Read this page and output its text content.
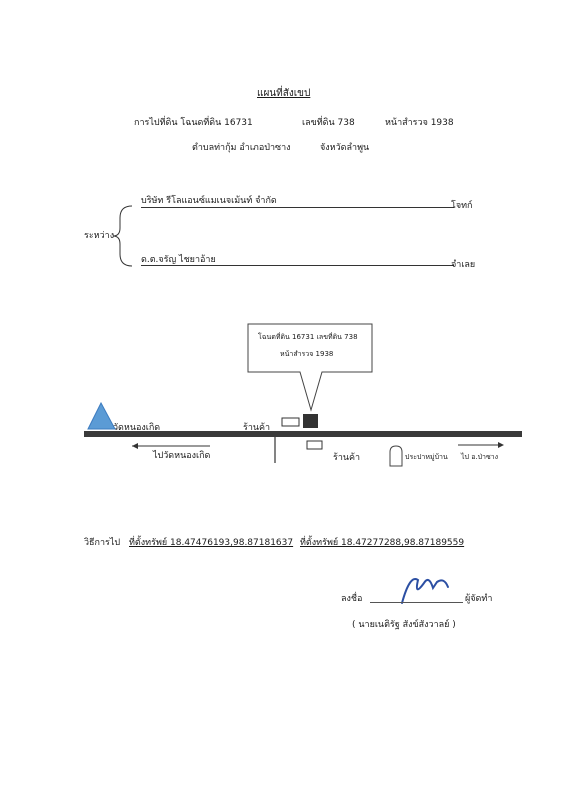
แผนที่สังเขป
การไปที่ดิน โฉนดที่ดิน 16731	เลขที่ดิน 738	หน้าสำรวจ 1938
ตำบลท่ากุ้ม อำเภอป่าซาง	จังหวัดลำพูน
บริษัท รีโลแอนซ์แมเนจเม้นท์ จำกัด	โจทก์
ระหว่าง
ด.ต.จรัญ ไชยาอ้าย	จำเลย
โฉนดที่ดิน 16731 เลขที่ดิน 738
หน้าสำรวจ 1938
วัดหนองเกิด	ร้านค้า
ไปวัดหนองเกิด	ร้านค้า	ประปาหมู่บ้าน ไป อ.ป่าซาง
วิธีการไป ที่ตั้งทรัพย์ 18.47476193,98.87181637 ที่ตั้งทรัพย์ 18.47277288,98.87189559
ลงชื่อ	ผู้จัดทำ
( นายเนติรัฐ สังข์สังวาลย์ )
